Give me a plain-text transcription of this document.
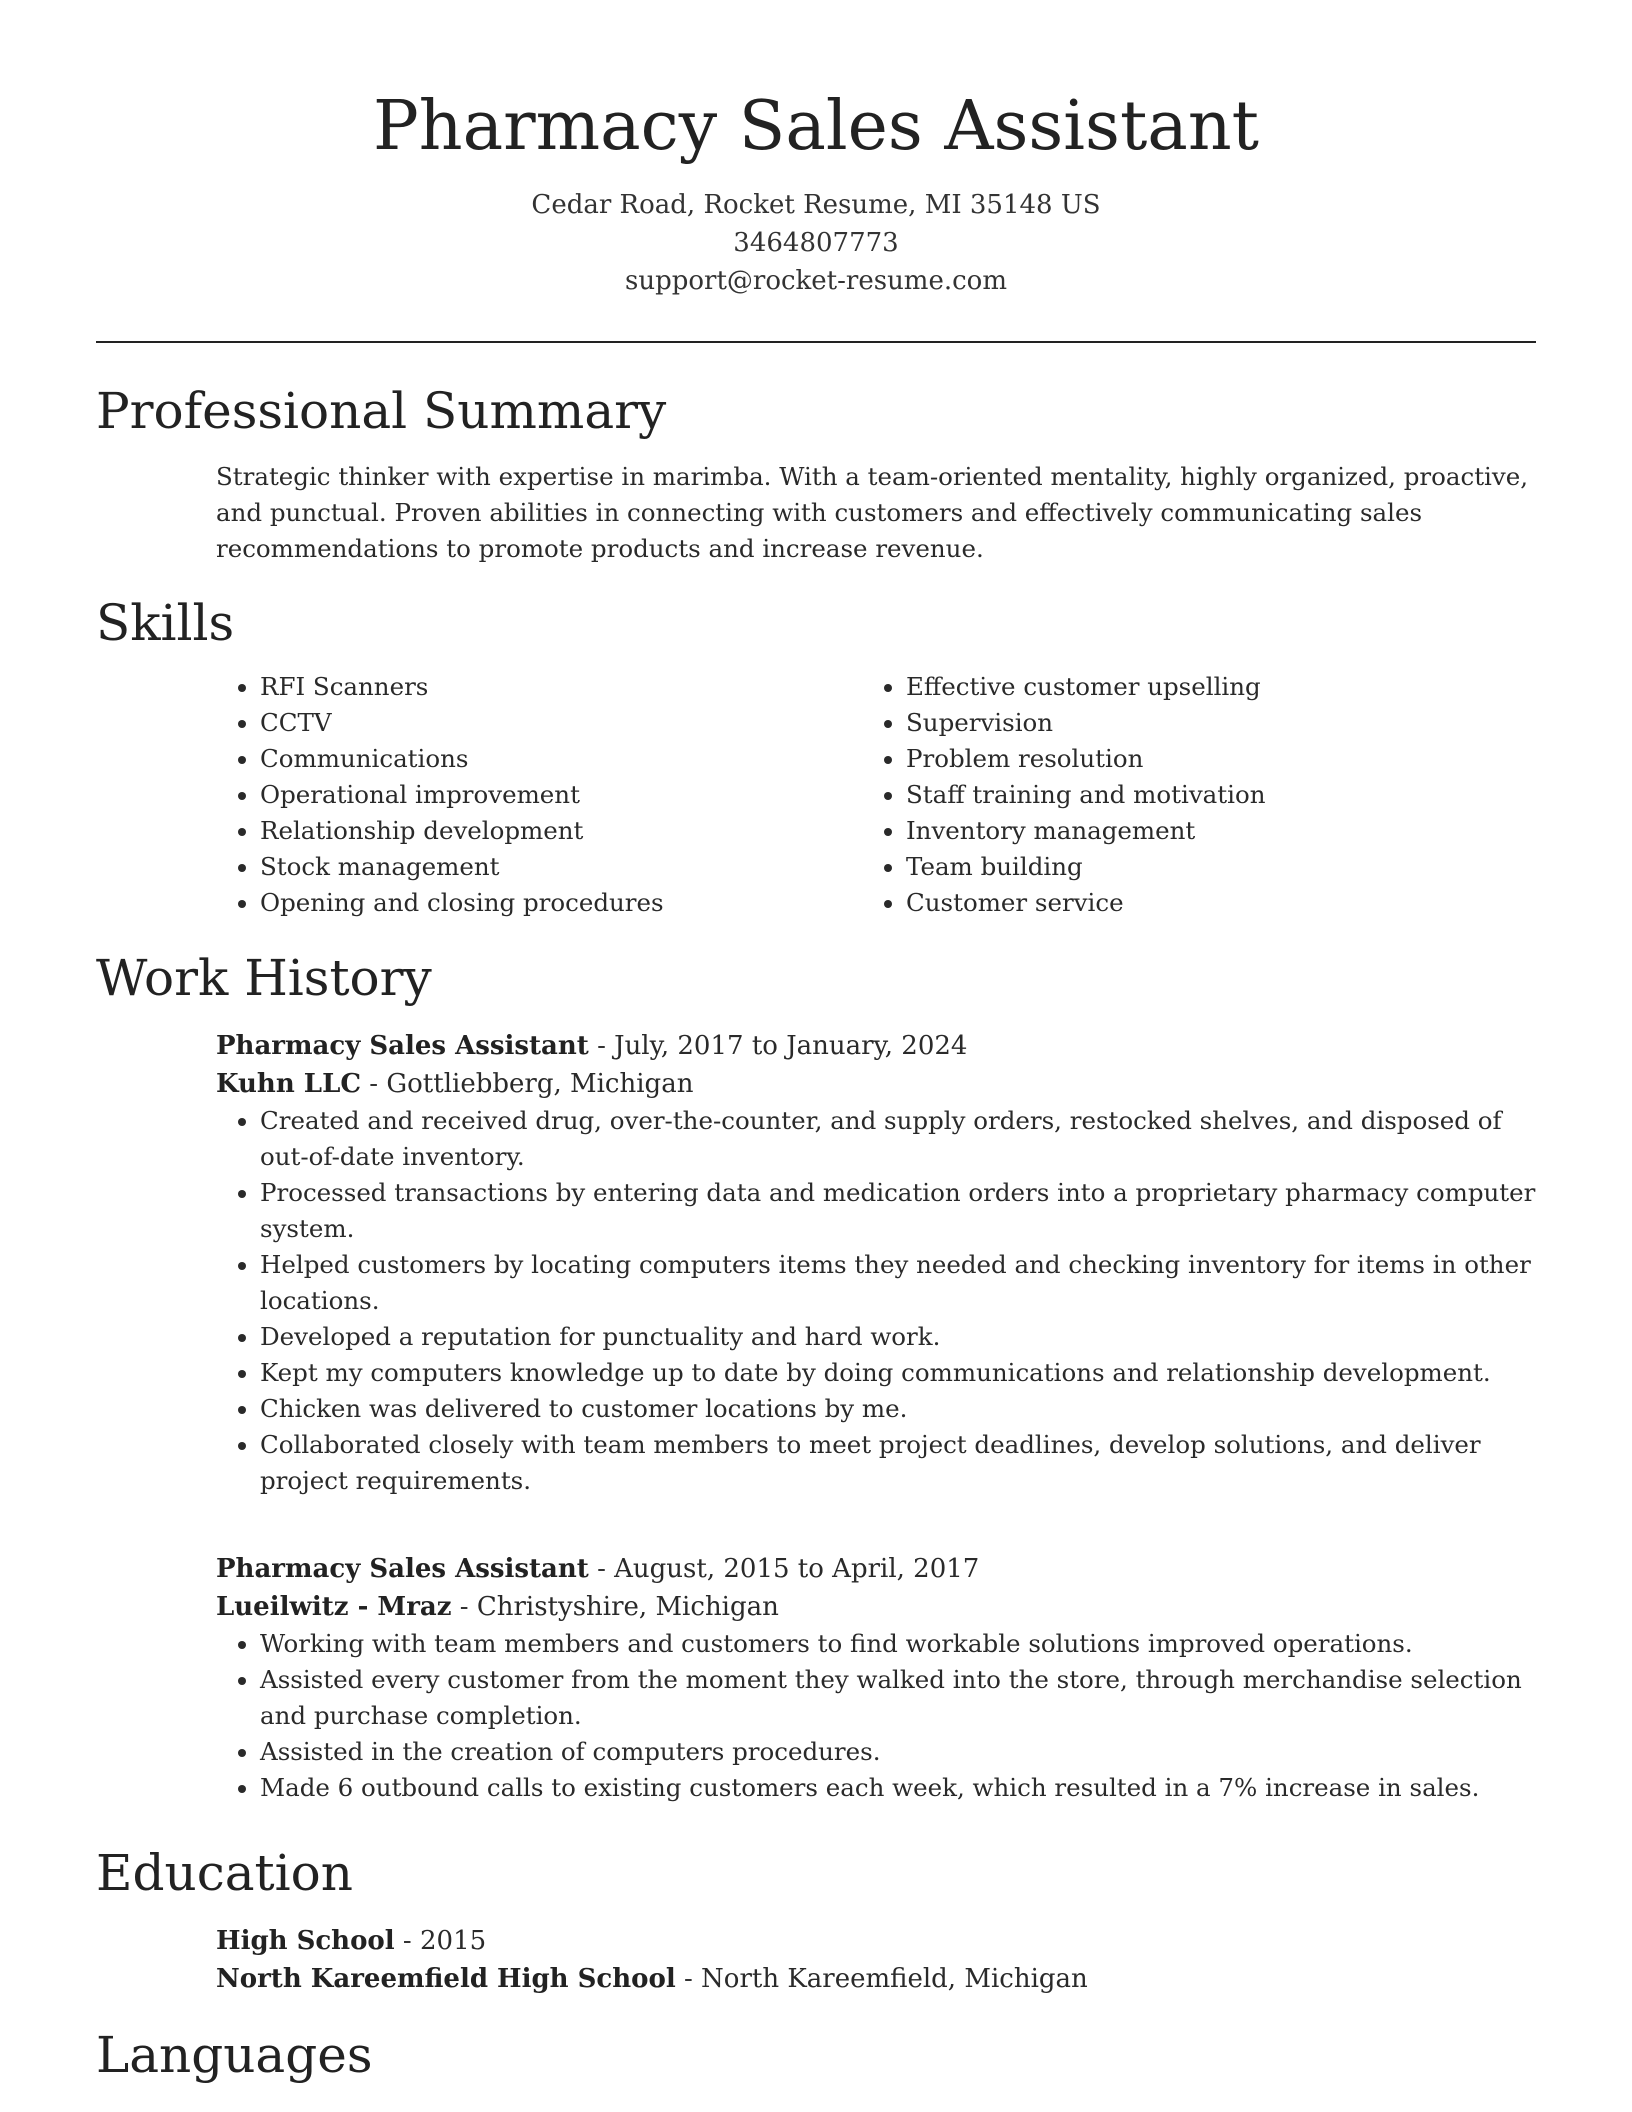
Pharmacy Sales Assistant
Cedar Road, Rocket Resume, MI 35148 US
3464807773
support@rocket-resume.com
Professional Summary

Strategic thinker with expertise in marimba. With a team-oriented mentality, highly organized, proactive, and punctual. Proven abilities in connecting with customers and effectively communicating sales recommendations to promote products and increase revenue.

Skills
• RFI Scanners
• CCTV
• Communications
• Operational improvement
• Relationship development
• Stock management
• Opening and closing procedures
• Effective customer upselling
• Supervision
• Problem resolution
• Staff training and motivation
• Inventory management
• Team building
• Customer service
Work History
Pharmacy Sales Assistant - July, 2017 to January, 2024
Kuhn LLC - Gottliebberg, Michigan
• Created and received drug, over-the-counter, and supply orders, restocked shelves, and disposed of out-of-date inventory.
• Processed transactions by entering data and medication orders into a proprietary pharmacy computer system.
• Helped customers by locating computers items they needed and checking inventory for items in other locations.
• Developed a reputation for punctuality and hard work.
• Kept my computers knowledge up to date by doing communications and relationship development.
• Chicken was delivered to customer locations by me.
• Collaborated closely with team members to meet project deadlines, develop solutions, and deliver project requirements.
Pharmacy Sales Assistant - August, 2015 to April, 2017
Lueilwitz - Mraz - Christyshire, Michigan
• Working with team members and customers to find workable solutions improved operations.
• Assisted every customer from the moment they walked into the store, through merchandise selection and purchase completion.
• Assisted in the creation of computers procedures.
• Made 6 outbound calls to existing customers each week, which resulted in a 7% increase in sales.
Education
High School - 2015
North Kareemfield High School - North Kareemfield, Michigan
Languages
